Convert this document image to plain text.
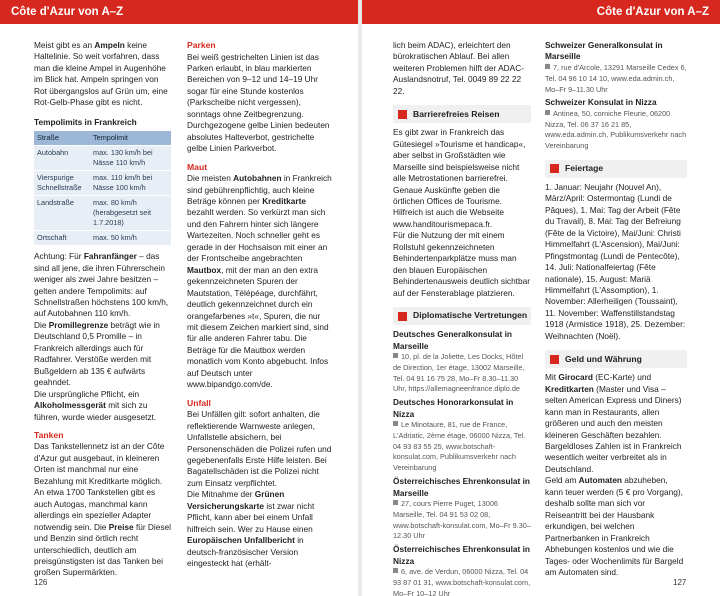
Côte d'Azur von A–Z	Côte d'Azur von A–Z

Meist gibt es an Ampeln keine Haltelinie. So weit vorfahren, dass man die kleine Ampel in Augenhöhe im Blick hat. Ampeln springen von Rot übergangslos auf Grün um, eine Rot-Gelb-Phase gibt es nicht.

Tempolimits in Frankreich
Straße	Tempolimit
Autobahn	max. 130 km/h bei Nässe 110 km/h
Vierspurige Schnellstraße	max. 110 km/h bei Nässe 100 km/h
Landstraße	max. 80 km/h (herabgesetzt seit 1.7.2018)
Ortschaft	max. 50 km/h

Achtung: Für Fahranfänger – das sind all jene, die ihren Führerschein weniger als zwei Jahre besitzen – gelten andere Tempolimits: auf Schnellstraßen höchstens 100 km/h, auf Autobahnen 110 km/h.

Die Promillegrenze beträgt wie in Deutschland 0,5 Promille – in Frankreich allerdings auch für Radfahrer. Verstöße werden mit Bußgeldern ab 135 € aufwärts geahndet.

Die ursprüngliche Pflicht, ein Alkoholmessgerät mit sich zu führen, wurde wieder ausgesetzt.

Tanken

Das Tankstellennetz ist an der Côte d'Azur gut ausgebaut, in kleineren Orten ist manchmal nur eine Bezahlung mit Kreditkarte möglich. An etwa 1700 Tankstellen gibt es auch Autogas, manchmal kann allerdings ein spezieller Adapter notwendig sein. Die Preise für Diesel und Benzin sind örtlich recht unterschiedlich, deutlich am preisgünstigsten ist das Tanken bei großen Supermärkten.

Parken

Bei weiß gestrichelten Linien ist das Parken erlaubt, in blau markierten Bereichen von 9–12 und 14–19 Uhr sogar für eine Stunde kostenlos (Parkscheibe nicht vergessen), sonntags ohne Zeitbegrenzung. Durchgezogene gelbe Linien bedeuten absolutes Halteverbot, gestrichelte gelbe Linien Parkverbot.

Maut

Die meisten Autobahnen in Frankreich sind gebührenpflichtig, auch kleine Beträge können per Kreditkarte bezahlt werden. So verkürzt man sich und den Fahrern hinter sich längere Wartezeiten. Noch schneller geht es gerade in der Hochsaison mit einer an der Frontscheibe angebrachten Mautbox, mit der man an den extra gekennzeichneten Spuren der Mautstation, Télépéage, durchfährt, deutlich gekennzeichnet durch ein orangefarbenes »t«, Spuren, die nur mit diesem Zeichen markiert sind, sind für alle anderen Fahrer tabu. Die Beträge für die Mautbox werden monatlich vom Konto abgebucht. Infos auf Deutsch unter www.bipandgo.com/de.

Unfall

Bei Unfällen gilt: sofort anhalten, die reflektierende Warnweste anlegen, Unfallstelle absichern, bei Personenschäden die Polizei rufen und gegebenenfalls Erste Hilfe leisten. Bei Bagatellschäden ist die Polizei nicht zum Einsatz verpflichtet.

Die Mitnahme der Grünen Versicherungskarte ist zwar nicht Pflicht, kann aber bei einem Unfall hilfreich sein. Wer zu Hause einen Europäischen Unfallbericht in deutsch-französischer Version eingesteckt hat (erhält-

lich beim ADAC), erleichtert den bürokratischen Ablauf. Bei allen weiteren Problemen hilft der ADAC-Auslandsnotruf, Tel. 0049 89 22 22 22.

Barrierefreies Reisen

Es gibt zwar in Frankreich das Gütesiegel »Tourisme et handicap«, aber selbst in Großstädten wie Marseille sind beispielsweise nicht alle Metrostationen barrierefrei. Genaue Auskünfte geben die örtlichen Offices de Tourisme. Hilfreich ist auch die Webseite www.handitourismepaca.fr.

Für die Nutzung der mit einem Rollstuhl gekennzeichneten Behindertenparkplätze muss man den blauen Europäischen Behindertenausweis deutlich sichtbar auf der Fensterablage platzieren.

Diplomatische Vertretungen
Deutsches Generalkonsulat in Marseille
10, pl. de la Joliette, Les Docks, Hôtel de Direction, 1er étage, 13002 Marseille, Tel. 04 91 16 75 28, Mo–Fr 8.30–11.30 Uhr, https://allemagneenfrance.diplo.de
Deutsches Honorarkonsulat in Nizza
Le Minotaure, 81, rue de France, L'Adriatic, 2ème étage, 06000 Nizza, Tel. 04 93 83 55 25, www.botschaft-konsulat.com, Publikumsverkehr nach Vereinbarung
Österreichisches Ehrenkonsulat in Marseille
27, cours Pierre Puget, 13006 Marseille, Tel. 04 91 53 02 08, www.botschaft-konsulat.com, Mo–Fr 9.30–12.30 Uhr
Österreichisches Ehrenkonsulat in Nizza
6, ave. de Verdun, 06000 Nizza, Tel. 04 93 87 01 31, www.botschaft-konsulat.com, Mo–Fr 10–12 Uhr
Schweizer Generalkonsulat in Marseille
7, rue d'Arcole, 13291 Marseille Cedex 6, Tel. 04 96 10 14 10, www.eda.admin.ch, Mo–Fr 9–11.30 Uhr
Schweizer Konsulat in Nizza
Antinea, 50, corniche Fleurie, 06200 Nizza, Tel. 06 37 16 21 85, www.eda.admin.ch, Publikumsverkehr nach Vereinbarung
Feiertage

1. Januar: Neujahr (Nouvel An), März/April: Ostermontag (Lundi de Pâques), 1. Mai: Tag der Arbeit (Fête du Travail), 8. Mai: Tag der Befreiung (Fête de la Victoire), Mai/Juni: Christi Himmelfahrt (L'Ascension), Mai/Juni: Pfingstmontag (Lundi de Pentecôte), 14. Juli: Nationalfeiertag (Fête nationale), 15. August: Mariä Himmelfahrt (L'Assomption), 1. November: Allerheiligen (Toussaint), 11. November: Waffenstillstandstag 1918 (Armistice 1918), 25. Dezember: Weihnachten (Noël).

Geld und Währung

Mit Girocard (EC-Karte) und Kreditkarten (Master und Visa – selten American Express und Diners) kann man in Restaurants, allen größeren und auch den meisten kleineren Geschäften bezahlen. Bargeldloses Zahlen ist in Frankreich wesentlich weiter verbreitet als in Deutschland.

Geld am Automaten abzuheben, kann teuer werden (5 € pro Vorgang), deshalb sollte man sich vor Reiseantritt bei der Hausbank erkundigen, bei welchen Partnerbanken in Frankreich Abhebungen kostenlos und wie die Tages- oder Wochenlimits für Bargeld am Automaten sind.

126	127
